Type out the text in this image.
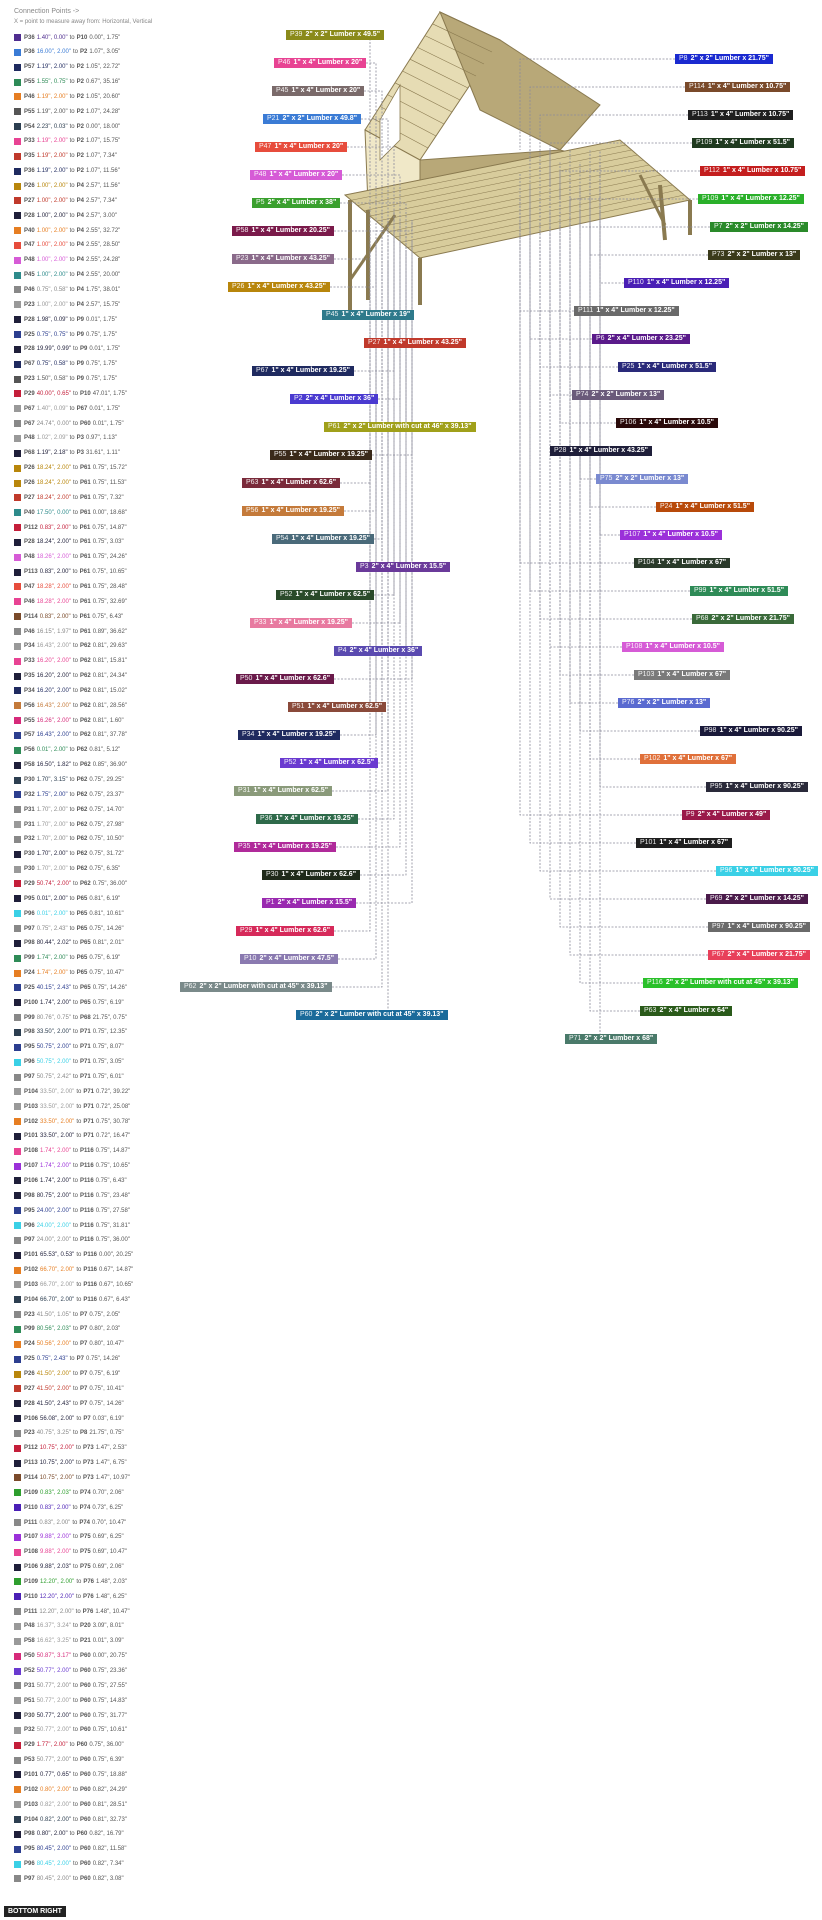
Connection Points ->
X = point to measure away from: Horizontal, Vertical
P36 1.40", 0.00" to P10 0.00", 1.75"
P36 16.00", 2.00" to P2 1.07", 3.05"
P57 1.19", 2.00" to P2 1.05", 22.72"
P55 1.55", 0.75" to P2 0.67", 35.16"
P46 1.19", 2.00" to P2 1.05", 20.60"
P55 1.19", 2.00" to P2 1.07", 24.28"
P54 2.23", 0.03" to P2 0.00", 18.00"
P33 1.19", 2.00" to P2 1.07", 15.75"
P35 1.19", 2.00" to P2 1.07", 7.34"
P36 1.19", 2.00" to P2 1.07", 11.56"
P26 1.00", 2.00" to P4 2.57", 11.56"
P27 1.00", 2.00" to P4 2.57", 7.34"
P28 1.00", 2.00" to P4 2.57", 3.00"
P40 1.00", 2.00" to P4 2.55", 32.72"
P47 1.00", 2.00" to P4 2.55", 28.50"
P48 1.00", 2.00" to P4 2.55", 24.28"
P45 1.00", 2.00" to P4 2.55", 20.00"
P46 0.75", 0.58" to P4 1.75", 38.01"
P23 1.00", 2.00" to P4 2.57", 15.75"
P28 1.98", 0.09" to P9 0.01", 1.75"
P25 0.75", 0.75" to P9 0.75", 1.75"
P28 19.99", 0.99" to P9 0.01", 1.75"
P67 0.75", 0.58" to P9 0.75", 1.75"
P23 1.50", 0.58" to P9 0.75", 1.75"
P29 40.00", 0.65" to P10 47.01", 1.75"
P67 1.40", 0.09" to P67 0.01", 1.75"
P67 24.74", 0.00" to P60 0.01", 1.75"
P48 1.02", 2.09" to P3 0.97", 1.13"
P68 1.19", 2.18" to P3 31.61", 1.11"
P26 18.24", 2.00" to P61 0.75", 15.72"
P26 18.24", 2.00" to P61 0.75", 11.53"
P27 18.24", 2.00" to P61 0.75", 7.32"
P40 17.50", 0.00" to P61 0.00", 18.68"
P112 0.83", 2.00" to P61 0.75", 14.87"
P28 18.24", 2.00" to P61 0.75", 3.03"
P48 18.26", 2.00" to P61 0.75", 24.26"
P113 0.83", 2.00" to P61 0.75", 10.65"
P47 18.28", 2.00" to P61 0.75", 28.48"
P46 18.28", 2.00" to P61 0.75", 32.69"
P114 0.83", 2.00" to P61 0.75", 6.43"
P46 16.15", 1.97" to P61 0.89", 36.62"
P34 16.43", 2.00" to P62 0.81", 29.63"
P33 16.20", 2.00" to P62 0.81", 15.81"
P35 16.20", 2.00" to P62 0.81", 24.34"
P34 16.20", 2.00" to P62 0.81", 15.02"
P56 16.43", 2.00" to P62 0.81", 28.56"
P55 16.26", 2.00" to P62 0.81", 1.60"
P57 16.43", 2.00" to P62 0.81", 37.78"
P56 0.01", 2.00" to P62 0.81", 5.12"
P58 16.50", 1.82" to P62 0.85", 36.90"
P30 1.70", 3.15" to P62 0.75", 29.25"
P32 1.75", 2.00" to P62 0.75", 23.37"
P31 1.70", 2.00" to P62 0.75", 14.70"
P31 1.70", 2.00" to P62 0.75", 27.98"
P32 1.70", 2.00" to P62 0.75", 10.50"
P30 1.70", 2.00" to P62 0.75", 31.72"
P30 1.70", 2.00" to P62 0.75", 6.35"
P29 50.74", 2.00" to P62 0.75", 36.00"
P95 0.01", 2.00" to P65 0.81", 6.19"
P96 0.01", 2.00" to P65 0.81", 10.61"
P97 0.75", 2.43" to P65 0.75", 14.26"
P98 80.44", 2.02" to P65 0.81", 2.01"
P99 1.74", 2.00" to P65 0.75", 6.19"
P24 1.74", 2.00" to P65 0.75", 10.47"
P25 40.15", 2.43" to P65 0.75", 14.26"
P100 1.74", 2.00" to P65 0.75", 6.19"
P99 80.76", 0.75" to P68 21.75", 0.75"
P98 33.50", 2.00" to P71 0.75", 12.35"
P95 50.75", 2.00" to P71 0.75", 8.07"
P96 50.75", 2.00" to P71 0.75", 3.05"
P97 50.75", 2.42" to P71 0.75", 6.01"
P104 33.50", 2.00" to P71 0.72", 39.22"
P103 33.50", 2.00" to P71 0.72", 25.08"
P102 33.50", 2.00" to P71 0.75", 30.78"
P101 33.50", 2.00" to P71 0.72", 16.47"
P108 1.74", 2.00" to P116 0.75", 14.87"
P107 1.74", 2.00" to P116 0.75", 10.65"
P106 1.74", 2.00" to P116 0.75", 6.43"
P98 80.75", 2.00" to P116 0.75", 23.48"
P95 24.00", 2.00" to P116 0.75", 27.58"
P96 24.00", 2.00" to P116 0.75", 31.81"
P97 24.00", 2.00" to P116 0.75", 36.00"
P101 65.53", 0.53" to P116 0.00", 20.25"
P102 66.70", 2.00" to P116 0.67", 14.87"
P103 66.70", 2.00" to P116 0.67", 10.65"
P104 66.70", 2.00" to P116 0.67", 6.43"
P23 41.50", 1.05" to P7 0.75", 2.05"
P99 80.56", 2.03" to P7 0.80", 2.03"
P24 50.56", 2.00" to P7 0.80", 10.47"
P25 0.75", 2.43" to P7 0.75", 14.26"
P26 41.50", 2.00" to P7 0.75", 6.19"
P27 41.50", 2.00" to P7 0.75", 10.41"
P28 41.50", 2.43" to P7 0.75", 14.26"
P106 56.08", 2.00" to P7 0.03", 6.19"
P23 40.75", 3.25" to P8 21.75", 0.75"
P112 10.75", 2.00" to P73 1.47", 2.53"
P113 10.75", 2.00" to P73 1.47", 6.75"
P114 10.75", 2.00" to P73 1.47", 10.97"
P109 0.83", 2.03" to P74 0.70", 2.06"
P110 0.83", 2.00" to P74 0.73", 6.25"
P111 0.83", 2.00" to P74 0.70", 10.47"
P107 9.88", 2.00" to P75 0.69", 6.25"
P108 9.88", 2.00" to P75 0.69", 10.47"
P106 9.88", 2.03" to P75 0.69", 2.06"
P109 12.20", 2.00" to P76 1.48", 2.03"
P110 12.20", 2.00" to P76 1.48", 6.25"
P111 12.20", 2.00" to P76 1.48", 10.47"
P48 16.37", 3.24" to P20 3.09", 8.01"
P58 16.62", 3.25" to P21 0.01", 3.09"
P50 50.87", 3.17" to P60 0.00", 20.75"
P52 50.77", 2.00" to P60 0.75", 23.36"
P31 50.77", 2.00" to P60 0.75", 27.55"
P51 50.77", 2.00" to P60 0.75", 14.83"
P30 50.77", 2.00" to P60 0.75", 31.77"
P32 50.77", 2.00" to P60 0.75", 10.61"
P29 1.77", 2.00" to P60 0.75", 36.00"
P53 50.77", 2.00" to P60 0.75", 6.39"
P101 0.77", 0.65" to P60 0.75", 18.88"
P102 0.80", 2.00" to P60 0.82", 24.29"
P103 0.82", 2.00" to P60 0.81", 28.51"
P104 0.82", 2.00" to P60 0.81", 32.73"
P98 0.80", 2.00" to P60 0.82", 16.79"
P95 80.45", 2.00" to P60 0.82", 11.58"
P96 80.45", 2.00" to P60 0.82", 7.34"
P97 80.45", 2.00" to P60 0.82", 3.08"
P39 2" x 2" Lumber x 49.5"
P46 1" x 4" Lumber x 20"
P45 1" x 4" Lumber x 20"
P21 2" x 2" Lumber x 49.8"
P47 1" x 4" Lumber x 20"
P48 1" x 4" Lumber x 20"
P5 2" x 4" Lumber x 38"
P58 1" x 4" Lumber x 20.25"
P23 1" x 4" Lumber x 43.25"
P26 1" x 4" Lumber x 43.25"
P45 1" x 4" Lumber x 19"
P27 1" x 4" Lumber x 43.25"
P67 1" x 4" Lumber x 19.25"
P2 2" x 4" Lumber x 36"
P61 2" x 2" Lumber with cut at 46" x 39.13"
P55 1" x 4" Lumber x 19.25"
P63 1" x 4" Lumber x 62.6"
P56 1" x 4" Lumber x 19.25"
P54 1" x 4" Lumber x 19.25"
P3 2" x 4" Lumber x 15.5"
P52 1" x 4" Lumber x 62.5"
P33 1" x 4" Lumber x 19.25"
P4 2" x 4" Lumber x 36"
P50 1" x 4" Lumber x 62.6"
P51 1" x 4" Lumber x 62.5"
P34 1" x 4" Lumber x 19.25"
P52 1" x 4" Lumber x 62.5"
P31 1" x 4" Lumber x 62.5"
P36 1" x 4" Lumber x 19.25"
P35 1" x 4" Lumber x 19.25"
P30 1" x 4" Lumber x 62.6"
P1 2" x 4" Lumber x 15.5"
P29 1" x 4" Lumber x 62.6"
P10 2" x 4" Lumber x 47.5"
P62 2" x 2" Lumber with cut at 45" x 39.13"
P60 2" x 2" Lumber with cut at 45" x 39.13"
P8 2" x 2" Lumber x 21.75"
P114 1" x 4" Lumber x 10.75"
P113 1" x 4" Lumber x 10.75"
P109 1" x 4" Lumber x 51.5"
P112 1" x 4" Lumber x 10.75"
P109 1" x 4" Lumber x 12.25"
P7 2" x 2" Lumber x 14.25"
P73 2" x 2" Lumber x 13"
P110 1" x 4" Lumber x 12.25"
P111 1" x 4" Lumber x 12.25"
P6 2" x 4" Lumber x 23.25"
P25 1" x 4" Lumber x 51.5"
P74 2" x 2" Lumber x 13"
P106 1" x 4" Lumber x 10.5"
P28 1" x 4" Lumber x 43.25"
P75 2" x 2" Lumber x 13"
P24 1" x 4" Lumber x 51.5"
P107 1" x 4" Lumber x 10.5"
P104 1" x 4" Lumber x 67"
P99 1" x 4" Lumber x 51.5"
P68 2" x 2" Lumber x 21.75"
P108 1" x 4" Lumber x 10.5"
P103 1" x 4" Lumber x 67"
P76 2" x 2" Lumber x 13"
P98 1" x 4" Lumber x 90.25"
P102 1" x 4" Lumber x 67"
P95 1" x 4" Lumber x 90.25"
P9 2" x 4" Lumber x 49"
P101 1" x 4" Lumber x 67"
P96 1" x 4" Lumber x 90.25"
P69 2" x 2" Lumber x 14.25"
P97 1" x 4" Lumber x 90.25"
P67 2" x 4" Lumber x 21.75"
P116 2" x 2" Lumber with cut at 45" x 39.13"
P63 2" x 4" Lumber x 64"
P71 2" x 2" Lumber x 68"
BOTTOM RIGHT
